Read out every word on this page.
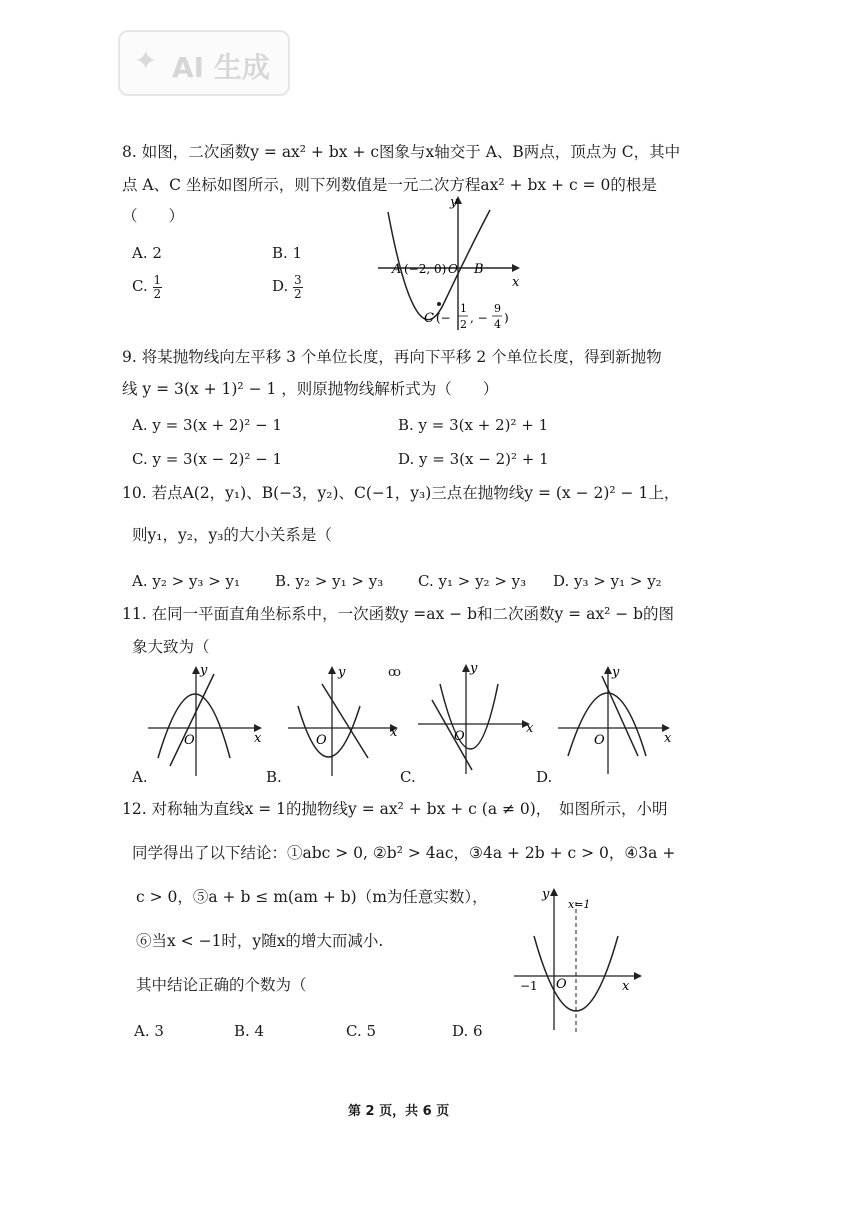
✦ AI 生成
8. 如图，二次函数y = ax² + bx + c图象与x轴交于 A、B两点，顶点为 C，其中
点 A、C 坐标如图所示，则下列数值是一元二次方程ax² + bx + c = 0的根是
（　　）
A. 2	B. 1
C. $\frac{1}{2}$	D. $\frac{3}{2}$
y
x
A (−2, 0) O B
C (−
1
2 , −
9
4 )
9. 将某抛物线向左平移 3 个单位长度，再向下平移 2 个单位长度，得到新抛物
线 y = 3(x + 1)² − 1 ，则原抛物线解析式为（　　）
A. y = 3(x + 2)² − 1	B. y = 3(x + 2)² + 1
C. y = 3(x − 2)² − 1	D. y = 3(x − 2)² + 1
10. 若点A(2，y₁)、B(−3，y₂)、C(−1，y₃)三点在抛物线y = (x − 2)² − 1上，
则y₁，y₂，y₃的大小关系是（
A. y₂ > y₃ > y₁ B. y₂ > y₁ > y₃ C. y₁ > y₂ > y₃ D. y₃ > y₁ > y₂
11. 在同一平面直角坐标系中，一次函数y =ax − b和二次函数y = ax² − b的图
象大致为（
y
x
O
A.
y
x
O
B.
ꝏ	y
x
O
C.
y
x
O
D.
12. 对称轴为直线x = 1的抛物线y = ax² + bx + c (a ≠ 0)，　如图所示，小明
同学得出了以下结论：①abc > 0, ②b² > 4ac，③4a + 2b + c > 0，④3a +
c > 0，⑤a + b ≤ m(am + b)（m为任意实数），
⑥当x < −1时，y随x的增大而减小.
其中结论正确的个数为（
A. 3	B. 4	C. 5	D. 6
y
x
O
−1
x=1
第 2 页，共 6 页
